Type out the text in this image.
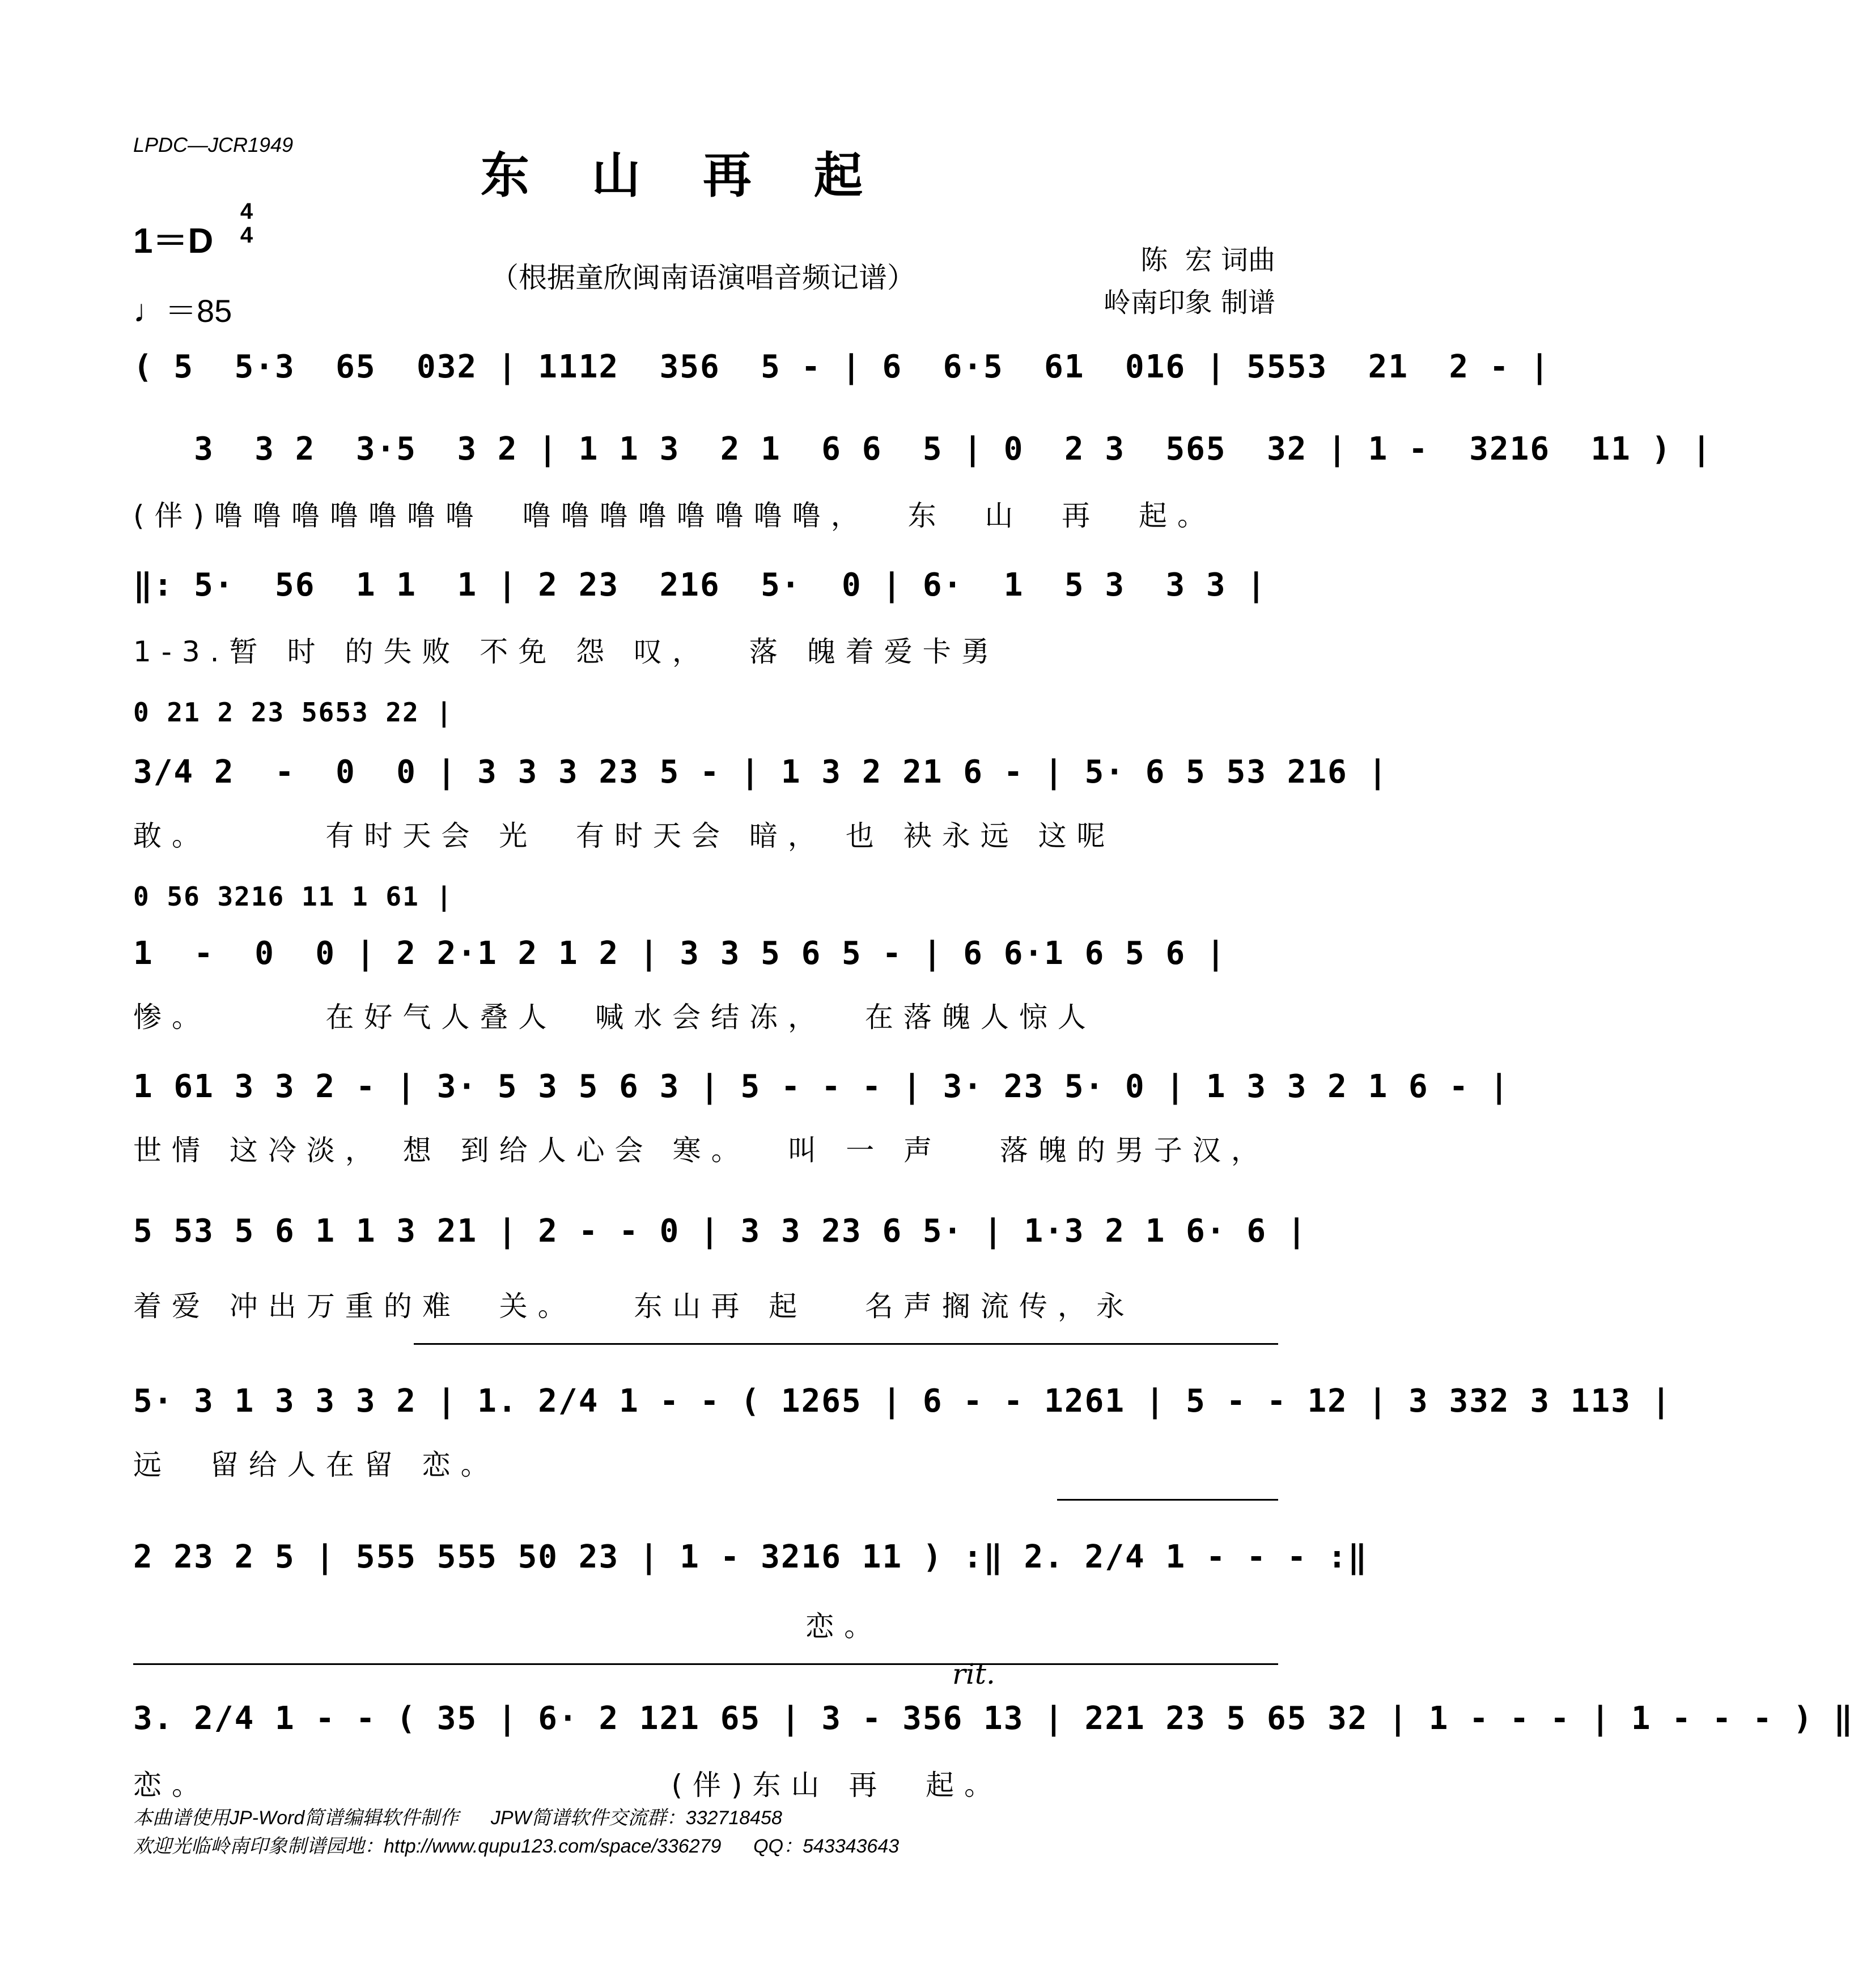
LPDC—JCR1949
东山再起
1＝D
4
4
♩＝85
（根据童欣闽南语演唱音频记谱）
陈  宏 词曲
岭南印象 制谱
( 5  5·3  65  032 | 1112  356  5 - | 6  6·5  61  016 | 5553  21  2 - |
3  3 2  3·5  3 2 | 1 1 3  2 1  6 6  5 | 0  2 3  565  32 | 1 -  3216  11 ) |
(伴)噜噜噜噜噜噜噜  噜噜噜噜噜噜噜噜，  东  山  再  起。
‖: 5·  56  1 1  1 | 2 23  216  5·  0 | 6·  1  5 3  3 3 |
1-3.暂 时 的失败 不免 怨 叹，  落 魄着爱卡勇
0 21 2 23 5653 22 |
3/4 2  -  0  0 | 3 3 3 23 5 - | 1 3 2 21 6 - | 5· 6 5 53 216 |
敢。      有时天会 光  有时天会 暗， 也 袂永远 这呢
0 56 3216 11 1 61 |
1  -  0  0 | 2 2·1 2 1 2 | 3 3 5 6 5 - | 6 6·1 6 5 6 |
惨。      在好气人叠人  喊水会结冻，  在落魄人惊人
1 61 3 3 2 - | 3· 5 3 5 6 3 | 5 - - - | 3· 23 5· 0 | 1 3 3 2 1 6 - |
世情 这冷淡， 想 到给人心会 寒。  叫 一 声   落魄的男子汉，
5 53 5 6 1 1 3 21 | 2 - - 0 | 3 3 23 6 5· | 1·3 2 1 6· 6 |
着爱 冲出万重的难  关。   东山再 起   名声搁流传，永
5· 3 1 3 3 3 2 | 1. 2/4 1 - - ( 1265 | 6 - - 1261 | 5 - - 12 | 3 332 3 113 |
远  留给人在留 恋。
2 23 2 5 | 555 555 50 23 | 1 - 3216 11 ) :‖ 2. 2/4 1 - - - :‖
恋。
rit.
3. 2/4 1 - - ( 35 | 6· 2 121 65 | 3 - 356 13 | 221 23 5 65 32 | 1 - - - | 1 - - - ) ‖
恋。                        (伴)东山 再  起。
本曲谱使用JP-Word简谱编辑软件制作      JPW简谱软件交流群：332718458
欢迎光临岭南印象制谱园地：http://www.qupu123.com/space/336279      QQ：543343643
